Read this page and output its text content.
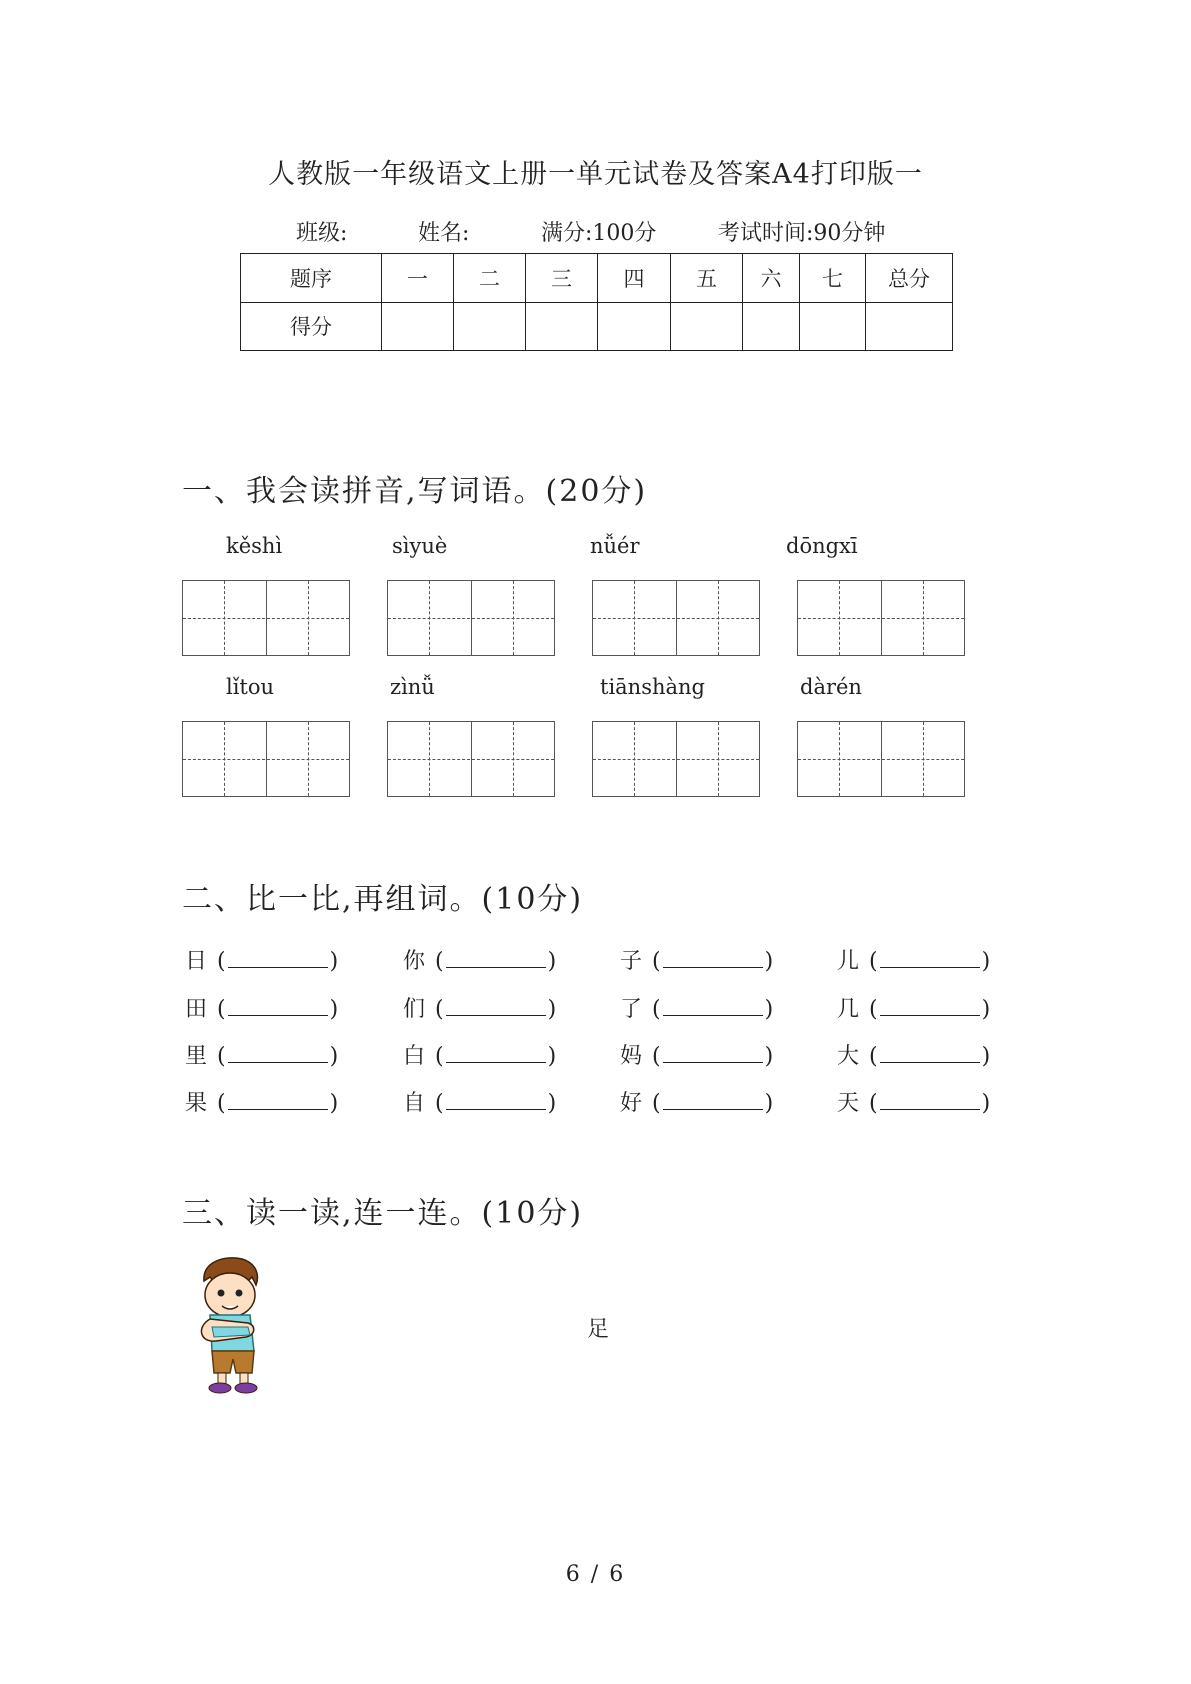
人教版一年级语文上册一单元试卷及答案A4打印版一
班级:	姓名:	满分:100分	考试时间:90分钟
题序	一	二	三	四	五	六	七	总分
得分								
一、我会读拼音,写词语。(20分)
kěshì	sìyuè	nǚér	dōngxī
lǐtou	zìnǚ	tiānshàng	dàrén
二、比一比,再组词。(10分)
日 (	)	你 (	)	子 (	)	儿 (	)
田 (	)	们 (	)	了 (	)	几 (	)
里 (	)	白 (	)	妈 (	)	大 (	)
果 (	)	自 (	)	好 (	)	天 (	)
三、读一读,连一连。(10分)
足
6 / 6
